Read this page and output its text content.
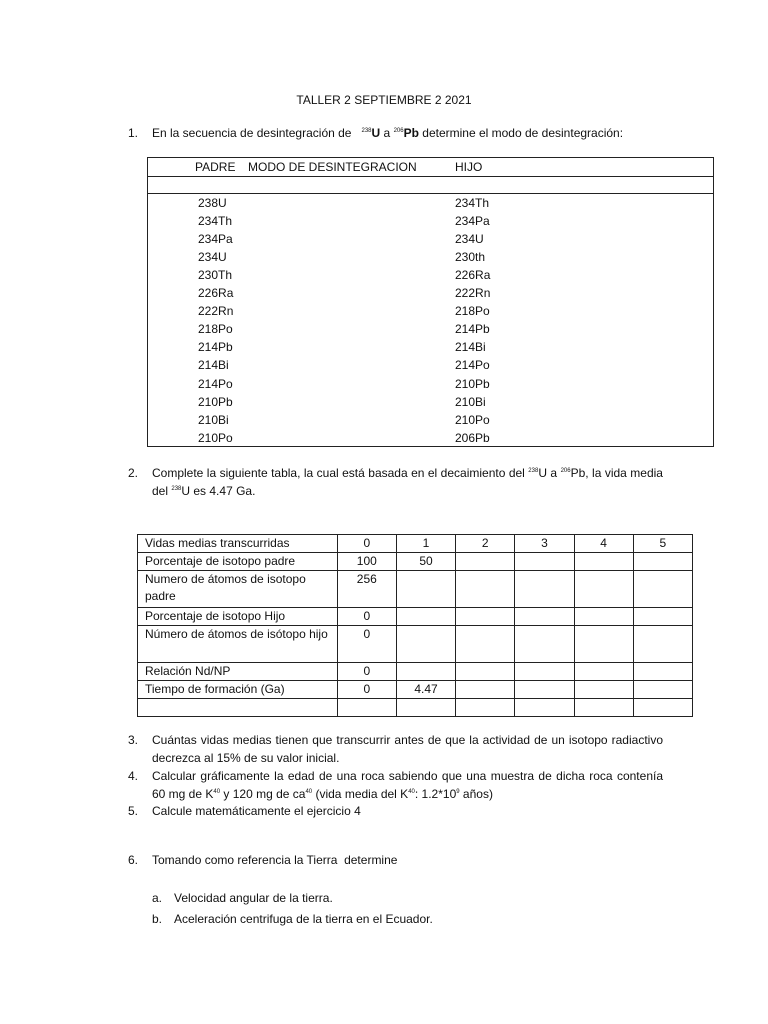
TALLER 2 SEPTIEMBRE 2 2021
1. En la secuencia de desintegración de $^{238}$U a $^{206}$Pb determine el modo de desintegración:
PADRE MODO DE DESINTEGRACION	HIJO
238U	234Th
234Th	234Pa
234Pa	234U
234U	230th
230Th	226Ra
226Ra	222Rn
222Rn	218Po
218Po	214Pb
214Pb	214Bi
214Bi	214Po
214Po	210Pb
210Pb	210Bi
210Bi	210Po
210Po	206Pb
2. Complete la siguiente tabla, la cual está basada en el decaimiento del $^{238}$U a $^{206}$Pb, la vida media del $^{238}$U es 4.47 Ga.
Vidas medias transcurridas	0	1	2	3	4	5
Porcentaje de isotopo padre	100	50				
Numero de átomos de isotopo padre	256					
Porcentaje de isotopo Hijo	0					
Número de átomos de isótopo hijo	0					
Relación Nd/NP	0					
Tiempo de formación (Ga)	0	4.47				

3. Cuántas vidas medias tienen que transcurrir antes de que la actividad de un isotopo radiactivo decrezca al 15% de su valor inicial.
4. Calcular gráficamente la edad de una roca sabiendo que una muestra de dicha roca contenía 60 mg de $K^{40}$ y 120 mg de $ca^{40}$ (vida media del $K^{40}$: $1.2*10^9$ años)
5. Calcule matemáticamente el ejercicio 4
6. Tomando como referencia la Tierra  determine
a. Velocidad angular de la tierra.
b. Aceleración centrifuga de la tierra en el Ecuador.
